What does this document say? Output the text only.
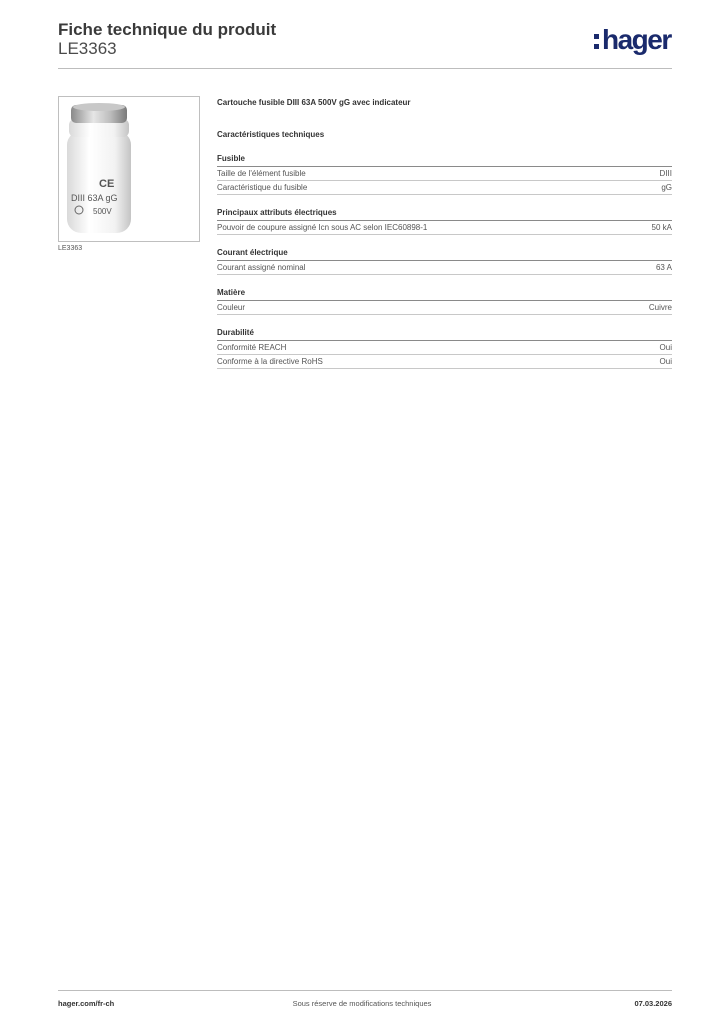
Fiche technique du produit
LE3363	hager
CE
DIII 63A gG
500V
LE3363
Cartouche fusible DIII 63A 500V gG avec indicateur
Caractéristiques techniques
Fusible
Taille de l'élément fusible	DIII
Caractéristique du fusible	gG
Principaux attributs électriques
Pouvoir de coupure assigné Icn sous AC selon IEC60898-1	50 kA
Courant électrique
Courant assigné nominal	63 A
Matière
Couleur	Cuivre
Durabilité
Conformité REACH	Oui
Conforme à la directive RoHS	Oui
hager.com/fr-ch	Sous réserve de modifications techniques	07.03.2026
